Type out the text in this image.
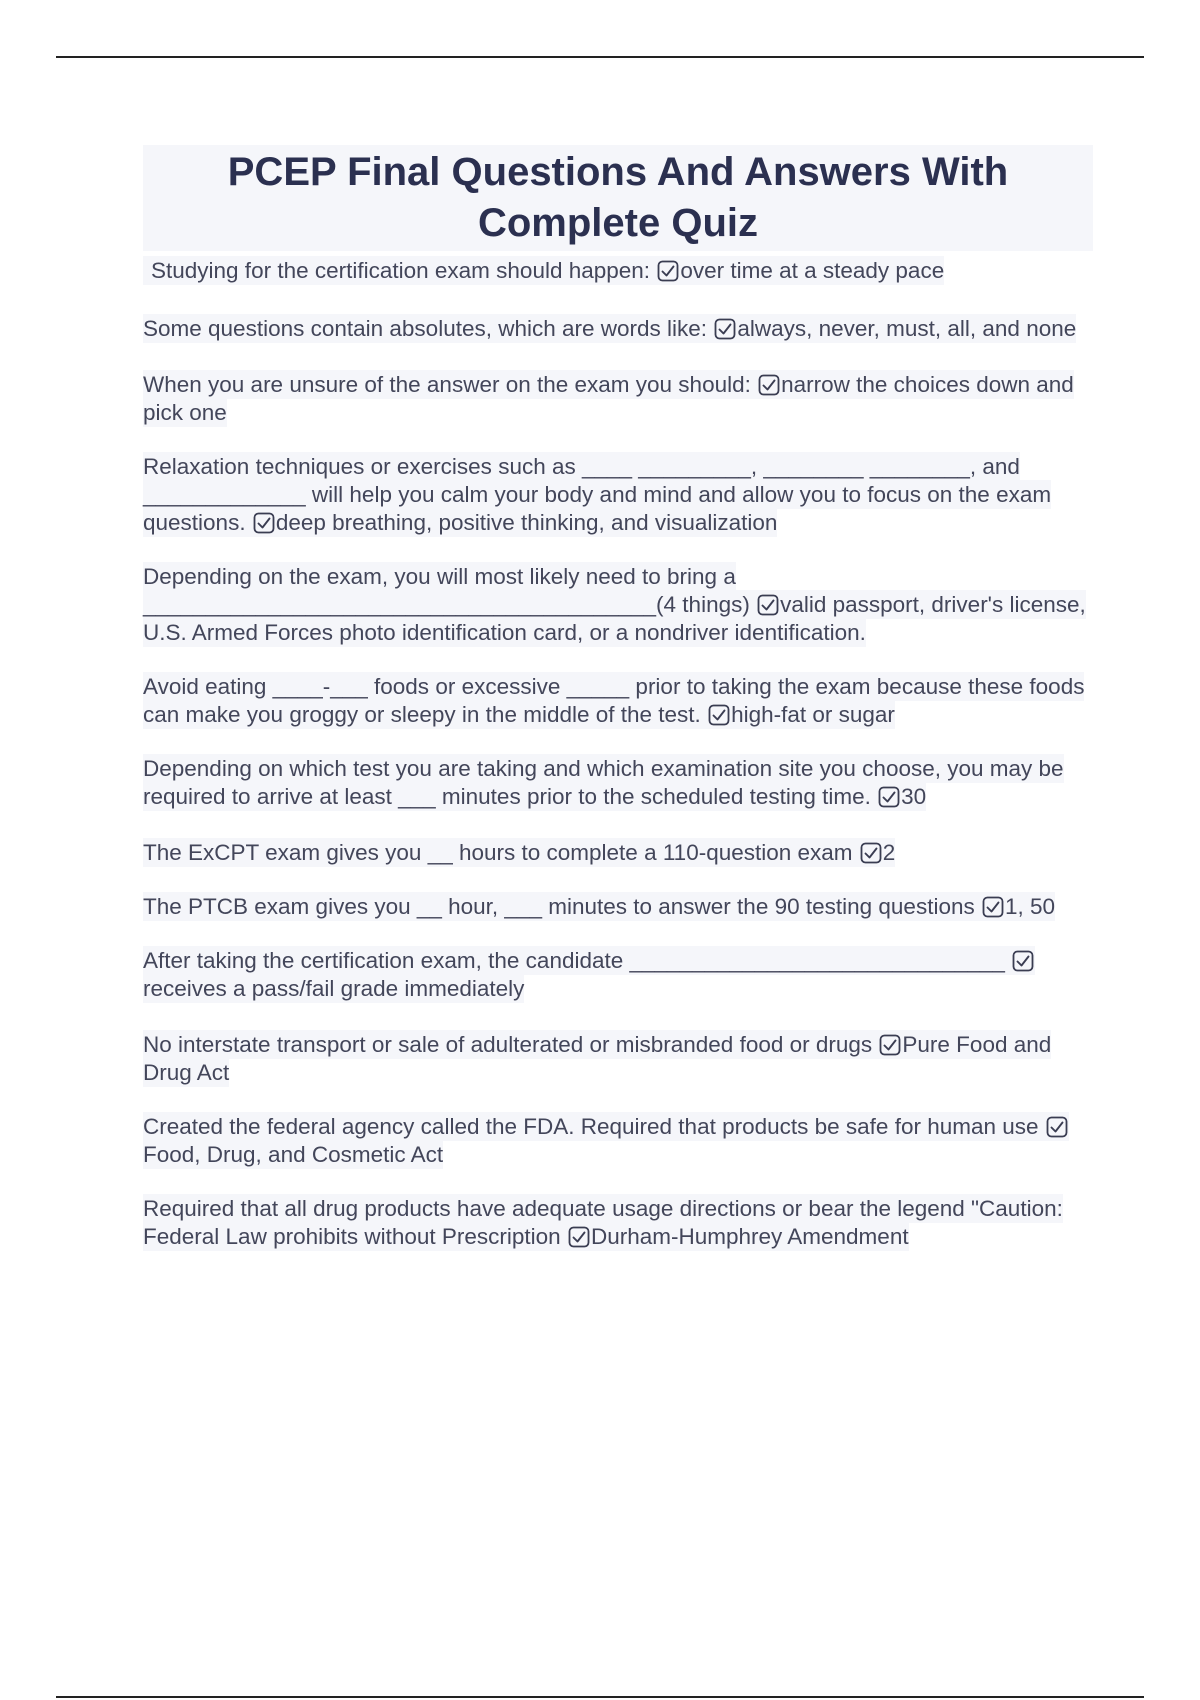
PCEP Final Questions And Answers With Complete Quiz

Studying for the certification exam should happen:
over time at a steady pace

Some questions contain absolutes, which are words like:
always, never, must, all, and none

When you are unsure of the answer on the exam you should:
narrow the choices down and pick one

Relaxation techniques or exercises such as ____ _________, ________ ________, and _____________ will help you calm your body and mind and allow you to focus on the exam questions.
deep breathing, positive thinking, and visualization

Depending on the exam, you will most likely need to bring a _________________________________________(4 things)
valid passport, driver's license, U.S. Armed Forces photo identification card, or a nondriver identification.

Avoid eating ____-___ foods or excessive _____ prior to taking the exam because these foods can make you groggy or sleepy in the middle of the test.
high-fat or sugar

Depending on which test you are taking and which examination site you choose, you may be required to arrive at least ___ minutes prior to the scheduled testing time.
30

The ExCPT exam gives you __ hours to complete a 110-question exam
2

The PTCB exam gives you __ hour, ___ minutes to answer the 90 testing questions
1, 50

After taking the certification exam, the candidate ______________________________
receives a pass/fail grade immediately

No interstate transport or sale of adulterated or misbranded food or drugs
Pure Food and Drug Act

Created the federal agency called the FDA. Required that products be safe for human use
Food, Drug, and Cosmetic Act

Required that all drug products have adequate usage directions or bear the legend "Caution: Federal Law prohibits without Prescription
Durham-Humphrey Amendment
